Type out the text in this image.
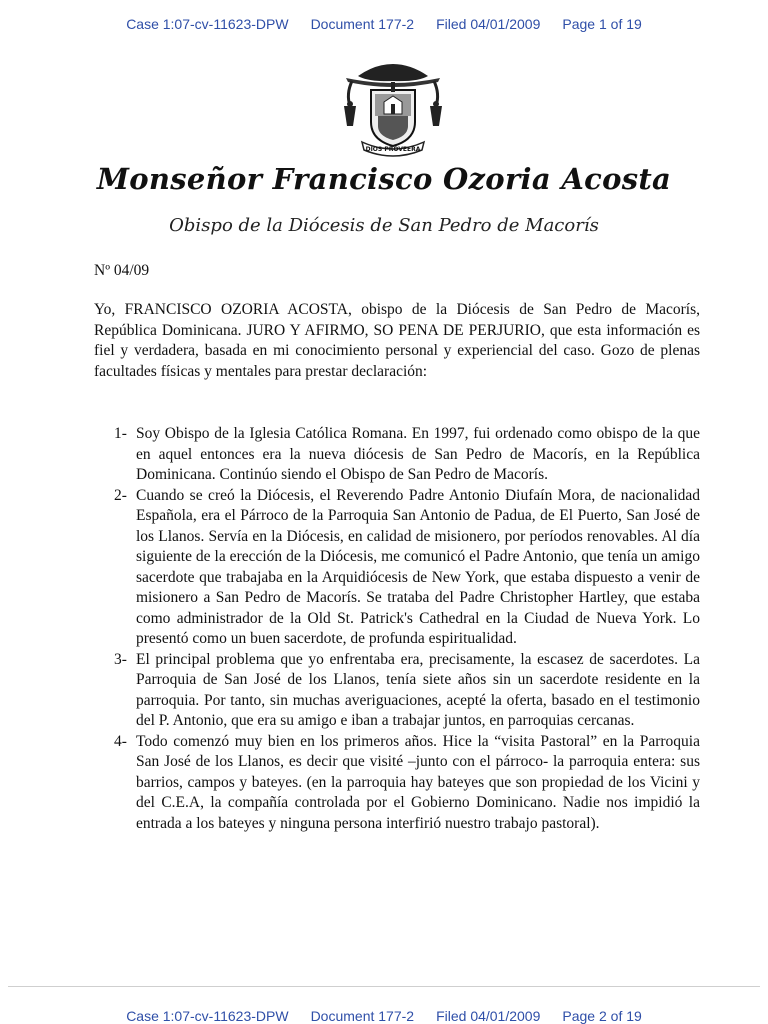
Case 1:07-cv-11623-DPW Document 177-2 Filed 04/01/2009 Page 1 of 19
DIOS PROVEERA
Monseñor Francisco Ozoria Acosta
Obispo de la Diócesis de San Pedro de Macorís
Nº 04/09

Yo, FRANCISCO OZORIA ACOSTA, obispo de la Diócesis de San Pedro de Macorís, República Dominicana. JURO Y AFIRMO, SO PENA DE PERJURIO, que esta información es fiel y verdadera, basada en mi conocimiento personal y experiencial del caso. Gozo de plenas facultades físicas y mentales para prestar declaración:

1- Soy Obispo de la Iglesia Católica Romana. En 1997, fui ordenado como obispo de la que en aquel entonces era la nueva diócesis de San Pedro de Macorís, en la República Dominicana. Continúo siendo el Obispo de San Pedro de Macorís.
2- Cuando se creó la Diócesis, el Reverendo Padre Antonio Diufaín Mora, de nacionalidad Española, era el Párroco de la Parroquia San Antonio de Padua, de El Puerto, San José de los Llanos. Servía en la Diócesis, en calidad de misionero, por períodos renovables. Al día siguiente de la erección de la Diócesis, me comunicó el Padre Antonio, que tenía un amigo sacerdote que trabajaba en la Arquidiócesis de New York, que estaba dispuesto a venir de misionero a San Pedro de Macorís. Se trataba del Padre Christopher Hartley, que estaba como administrador de la Old St. Patrick's Cathedral en la Ciudad de Nueva York. Lo presentó como un buen sacerdote, de profunda espiritualidad.
3- El principal problema que yo enfrentaba era, precisamente, la escasez de sacerdotes. La Parroquia de San José de los Llanos, tenía siete años sin un sacerdote residente en la parroquia. Por tanto, sin muchas averiguaciones, acepté la oferta, basado en el testimonio del P. Antonio, que era su amigo e iban a trabajar juntos, en parroquias cercanas.
4- Todo comenzó muy bien en los primeros años. Hice la “visita Pastoral” en la Parroquia San José de los Llanos, es decir que visité –junto con el párroco- la parroquia entera: sus barrios, campos y bateyes. (en la parroquia hay bateyes que son propiedad de los Vicini y del C.E.A, la compañía controlada por el Gobierno Dominicano. Nadie nos impidió la entrada a los bateyes y ninguna persona interfirió nuestro trabajo pastoral).
Case 1:07-cv-11623-DPW Document 177-2 Filed 04/01/2009 Page 2 of 19
